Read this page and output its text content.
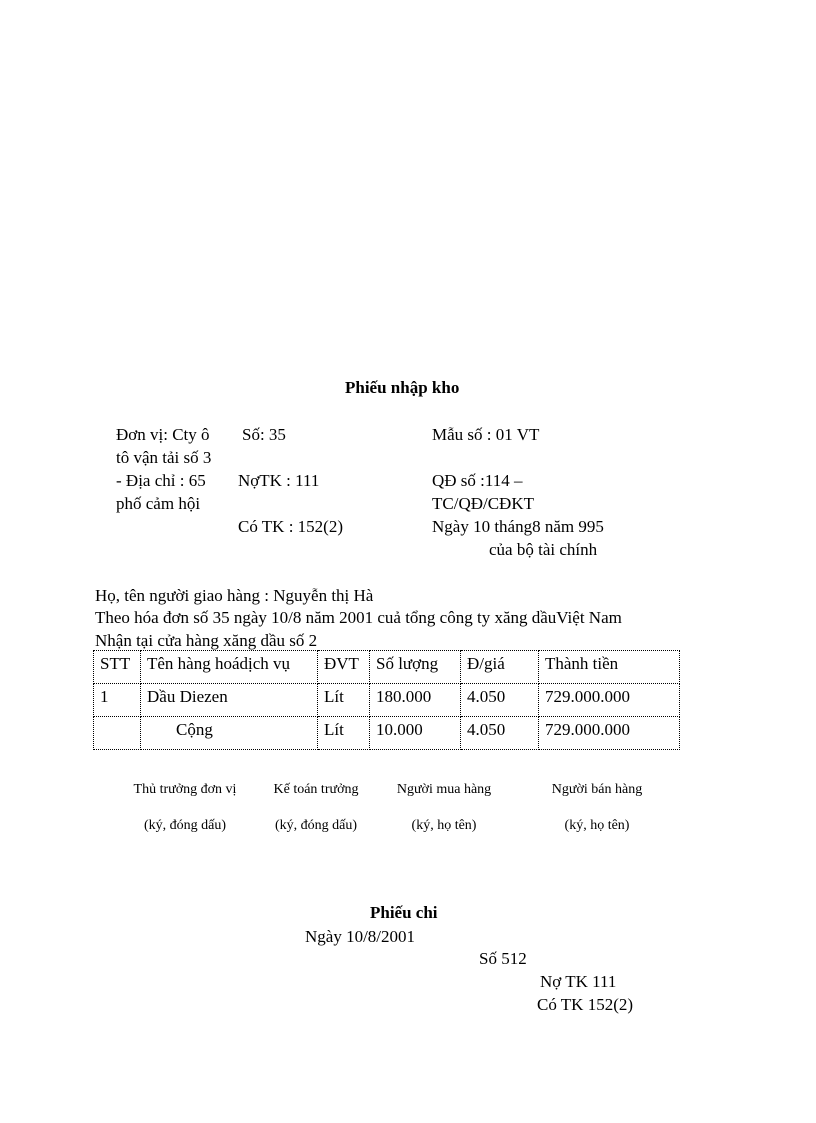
Phiếu nhập kho
Đơn vị: Cty ô
tô vận tải số 3
- Địa chỉ : 65
phố cảm hội
Số: 35
NợTK : 111
Có TK : 152(2)
Mẫu số : 01 VT
QĐ số :114 –
TC/QĐ/CĐKT
Ngày 10 tháng8 năm 995
của bộ tài chính
Họ, tên người giao hàng : Nguyễn thị Hà
Theo hóa đơn số 35 ngày 10/8 năm 2001 cuả tổng công ty xăng dầuViệt Nam
Nhận tại cửa hàng xăng dầu số 2
STT	Tên hàng hoádịch vụ	ĐVT	Số lượng	Đ/giá	Thành tiền
1	Dầu Diezen	Lít	180.000	4.050	729.000.000
	Cộng	Lít	10.000	4.050	729.000.000
Thủ trưởng đơn vị	Kế toán trưởng	Người mua hàng	Người bán hàng
(ký, đóng dấu)	(ký, đóng dấu)	(ký, họ tên)	(ký, họ tên)
Phiếu chi
Ngày 10/8/2001
Số 512
Nợ TK 111
Có TK 152(2)
